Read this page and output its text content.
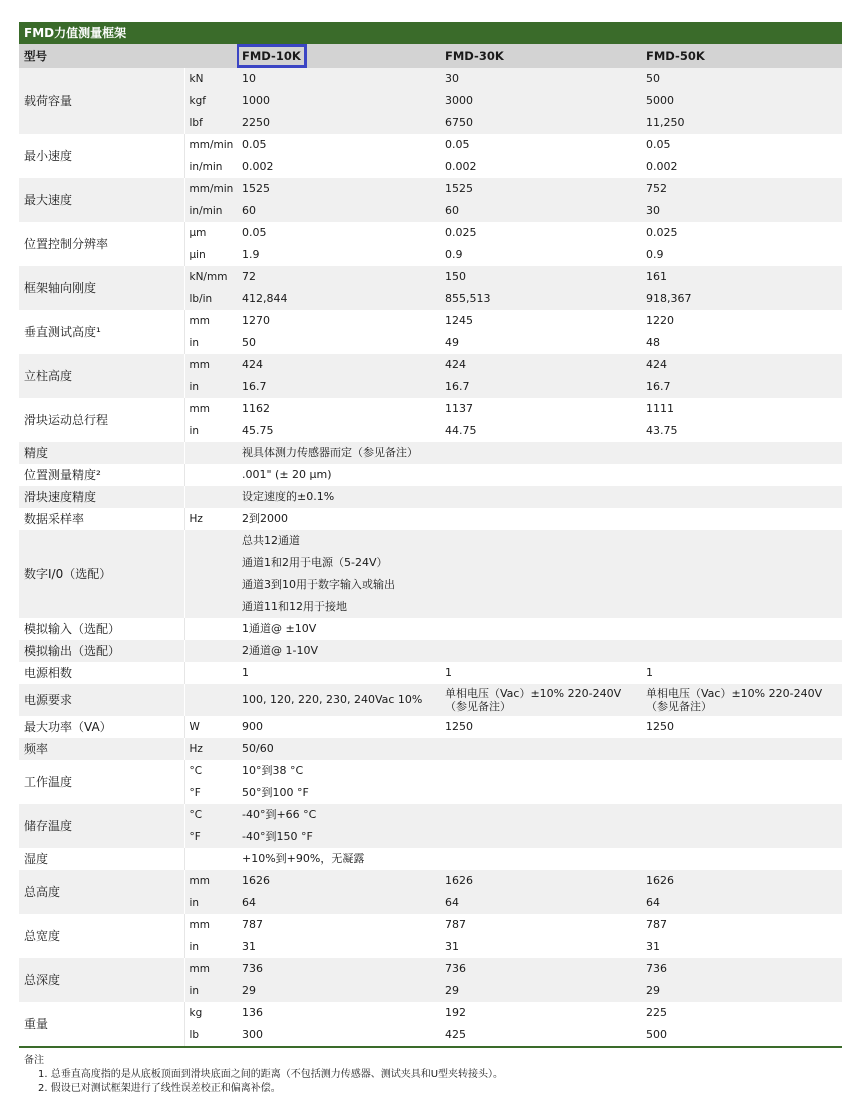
FMD力值测量框架
型号		FMD-10K	FMD-30K	FMD-50K
载荷容量	kN	10	30	50
	kgf	1000	3000	5000
	lbf	2250	6750	11,250
最小速度	mm/min	0.05	0.05	0.05
	in/min	0.002	0.002	0.002
最大速度	mm/min	1525	1525	752
	in/min	60	60	30
位置控制分辨率	μm	0.05	0.025	0.025
	μin	1.9	0.9	0.9
框架轴向刚度	kN/mm	72	150	161
	lb/in	412,844	855,513	918,367
垂直测试高度¹	mm	1270	1245	1220
	in	50	49	48
立柱高度	mm	424	424	424
	in	16.7	16.7	16.7
滑块运动总行程	mm	1162	1137	1111
	in	45.75	44.75	43.75
精度		视具体测力传感器而定（参见备注）		
位置测量精度²		.001" (± 20 μm)		
滑块速度精度		设定速度的±0.1%		
数据采样率	Hz	2到2000		
数字I/0（选配）		总共12通道		
		通道1和2用于电源（5-24V）		
		通道3到10用于数字输入或输出		
		通道11和12用于接地		
模拟输入（选配）		1通道@ ±10V		
模拟输出（选配）		2通道@ 1-10V		
电源相数		1	1	1
电源要求		100, 120, 220, 230, 240Vac 10%	单相电压（Vac）±10% 220-240V（参见备注）	单相电压（Vac）±10% 220-240V（参见备注）
最大功率（VA）	W	900	1250	1250
频率	Hz	50/60		
工作温度	°C	10°到38 °C		
	°F	50°到100 °F		
储存温度	°C	-40°到+66 °C		
	°F	-40°到150 °F		
湿度		+10%到+90%，无凝露		
总高度	mm	1626	1626	1626
	in	64	64	64
总宽度	mm	787	787	787
	in	31	31	31
总深度	mm	736	736	736
	in	29	29	29
重量	kg	136	192	225
	lb	300	425	500
备注
1. 总垂直高度指的是从底板顶面到滑块底面之间的距离（不包括测力传感器、测试夹具和U型夹转接头）。
2. 假设已对测试框架进行了线性误差校正和偏离补偿。
